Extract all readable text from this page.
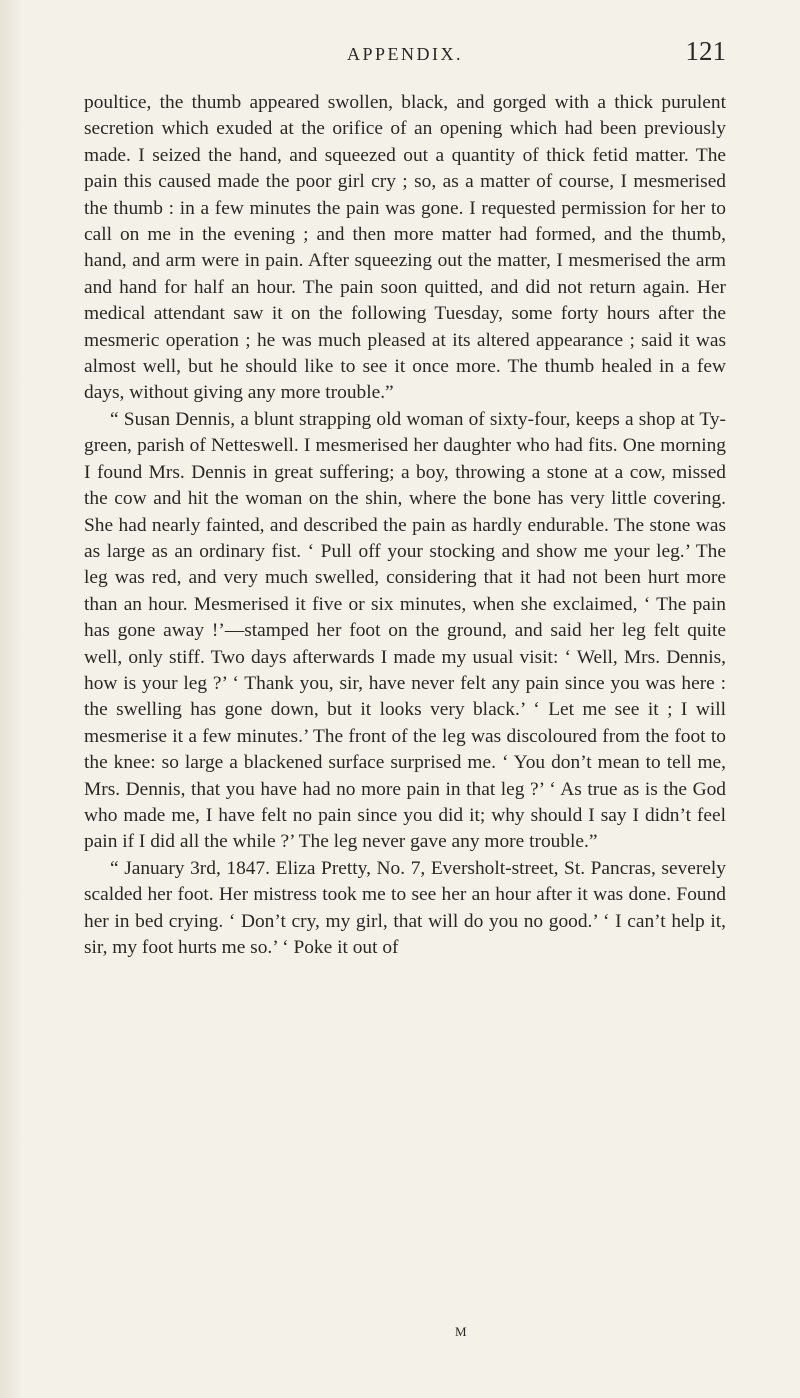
APPENDIX.	121

poultice, the thumb appeared swollen, black, and gorged with a thick purulent secretion which exuded at the orifice of an opening which had been previously made. I seized the hand, and squeezed out a quantity of thick fetid matter. The pain this caused made the poor girl cry ; so, as a matter of course, I mesmerised the thumb : in a few minutes the pain was gone. I requested permission for her to call on me in the evening ; and then more matter had formed, and the thumb, hand, and arm were in pain. After squeezing out the matter, I mesmerised the arm and hand for half an hour. The pain soon quitted, and did not return again. Her medical attendant saw it on the following Tuesday, some forty hours after the mesmeric operation ; he was much pleased at its altered appearance ; said it was almost well, but he should like to see it once more. The thumb healed in a few days, without giving any more trouble.”

“ Susan Dennis, a blunt strapping old woman of sixty-four, keeps a shop at Ty-green, parish of Netteswell. I mesmerised her daughter who had fits. One morning I found Mrs. Dennis in great suffering; a boy, throwing a stone at a cow, missed the cow and hit the woman on the shin, where the bone has very little covering. She had nearly fainted, and described the pain as hardly endurable. The stone was as large as an ordinary fist. ‘ Pull off your stocking and show me your leg.’ The leg was red, and very much swelled, considering that it had not been hurt more than an hour. Mesmerised it five or six minutes, when she exclaimed, ‘ The pain has gone away !’—stamped her foot on the ground, and said her leg felt quite well, only stiff. Two days afterwards I made my usual visit: ‘ Well, Mrs. Dennis, how is your leg ?’ ‘ Thank you, sir, have never felt any pain since you was here : the swelling has gone down, but it looks very black.’ ‘ Let me see it ; I will mesmerise it a few minutes.’ The front of the leg was discoloured from the foot to the knee: so large a blackened surface surprised me. ‘ You don’t mean to tell me, Mrs. Dennis, that you have had no more pain in that leg ?’ ‘ As true as is the God who made me, I have felt no pain since you did it; why should I say I didn’t feel pain if I did all the while ?’ The leg never gave any more trouble.”

“ January 3rd, 1847. Eliza Pretty, No. 7, Eversholt-street, St. Pancras, severely scalded her foot. Her mistress took me to see her an hour after it was done. Found her in bed crying. ‘ Don’t cry, my girl, that will do you no good.’ ‘ I can’t help it, sir, my foot hurts me so.’ ‘ Poke it out of

M
